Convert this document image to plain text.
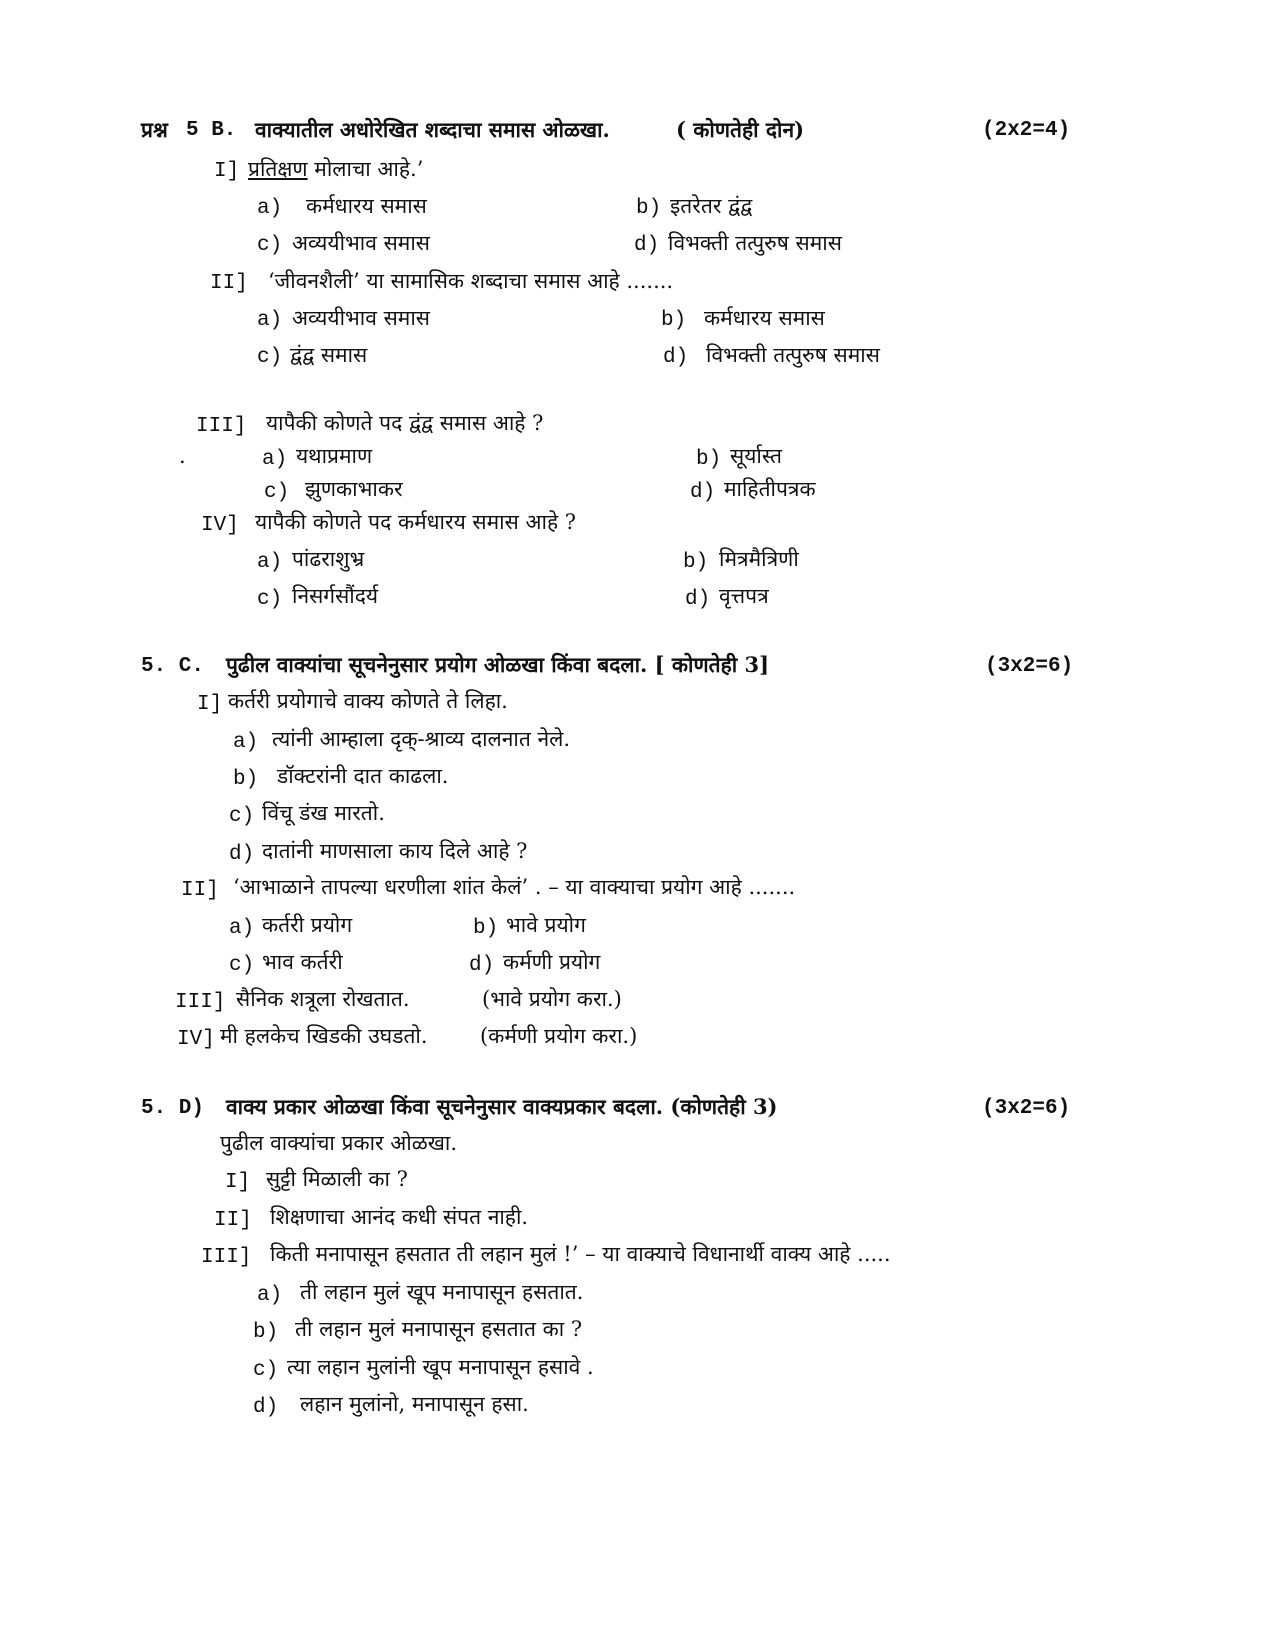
प्रश्न 5 B. वाक्यातील अधोरेखित शब्दाचा समास ओळखा.	( कोणतेही दोन)	(2x2=4)
I] प्रतिक्षण मोलाचा आहे.’
a) कर्मधारय समास	b) इतरेतर द्वंद्व
c) अव्ययीभाव समास	d) विभक्ती तत्पुरुष समास
II] ‘जीवनशैली’ या सामासिक शब्दाचा समास आहे .......
a) अव्ययीभाव समास	b) कर्मधारय समास
c) द्वंद्व समास	d) विभक्ती तत्पुरुष समास
III] यापैकी कोणते पद द्वंद्व समास आहे ?
.	a) यथाप्रमाण	b) सूर्यास्त
c) झुणकाभाकर	d) माहितीपत्रक
IV] यापैकी कोणते पद कर्मधारय समास आहे ?
a) पांढराशुभ्र	b) मित्रमैत्रिणी
c) निसर्गसौंदर्य	d) वृत्तपत्र
5. C. पुढील वाक्यांचा सूचनेनुसार प्रयोग ओळखा किंवा बदला. [ कोणतेही 3]	(3x2=6)
I] कर्तरी प्रयोगाचे वाक्य कोणते ते लिहा.
a) त्यांनी आम्हाला दृक्-श्राव्य दालनात नेले.
b) डॉक्टरांनी दात काढला.
c) विंचू डंख मारतो.
d) दातांनी माणसाला काय दिले आहे ?
II] ‘आभाळाने तापल्या धरणीला शांत केलं’ . – या वाक्याचा प्रयोग आहे .......
a) कर्तरी प्रयोग	b) भावे प्रयोग
c) भाव कर्तरी	d) कर्मणी प्रयोग
III] सैनिक शत्रूला रोखतात.	(भावे प्रयोग करा.)
IV] मी हलकेच खिडकी उघडतो. (कर्मणी प्रयोग करा.)
5. D) वाक्य प्रकार ओळखा किंवा सूचनेनुसार वाक्यप्रकार बदला. (कोणतेही 3)	(3x2=6)
पुढील वाक्यांचा प्रकार ओळखा.
I] सुट्टी मिळाली का ?
II] शिक्षणाचा आनंद कधी संपत नाही.
III] किती मनापासून हसतात ती लहान मुलं !’ – या वाक्याचे विधानार्थी वाक्य आहे .....
a) ती लहान मुलं खूप मनापासून हसतात.
b) ती लहान मुलं मनापासून हसतात का ?
c) त्या लहान मुलांनी खूप मनापासून हसावे .
d) लहान मुलांनो, मनापासून हसा.
